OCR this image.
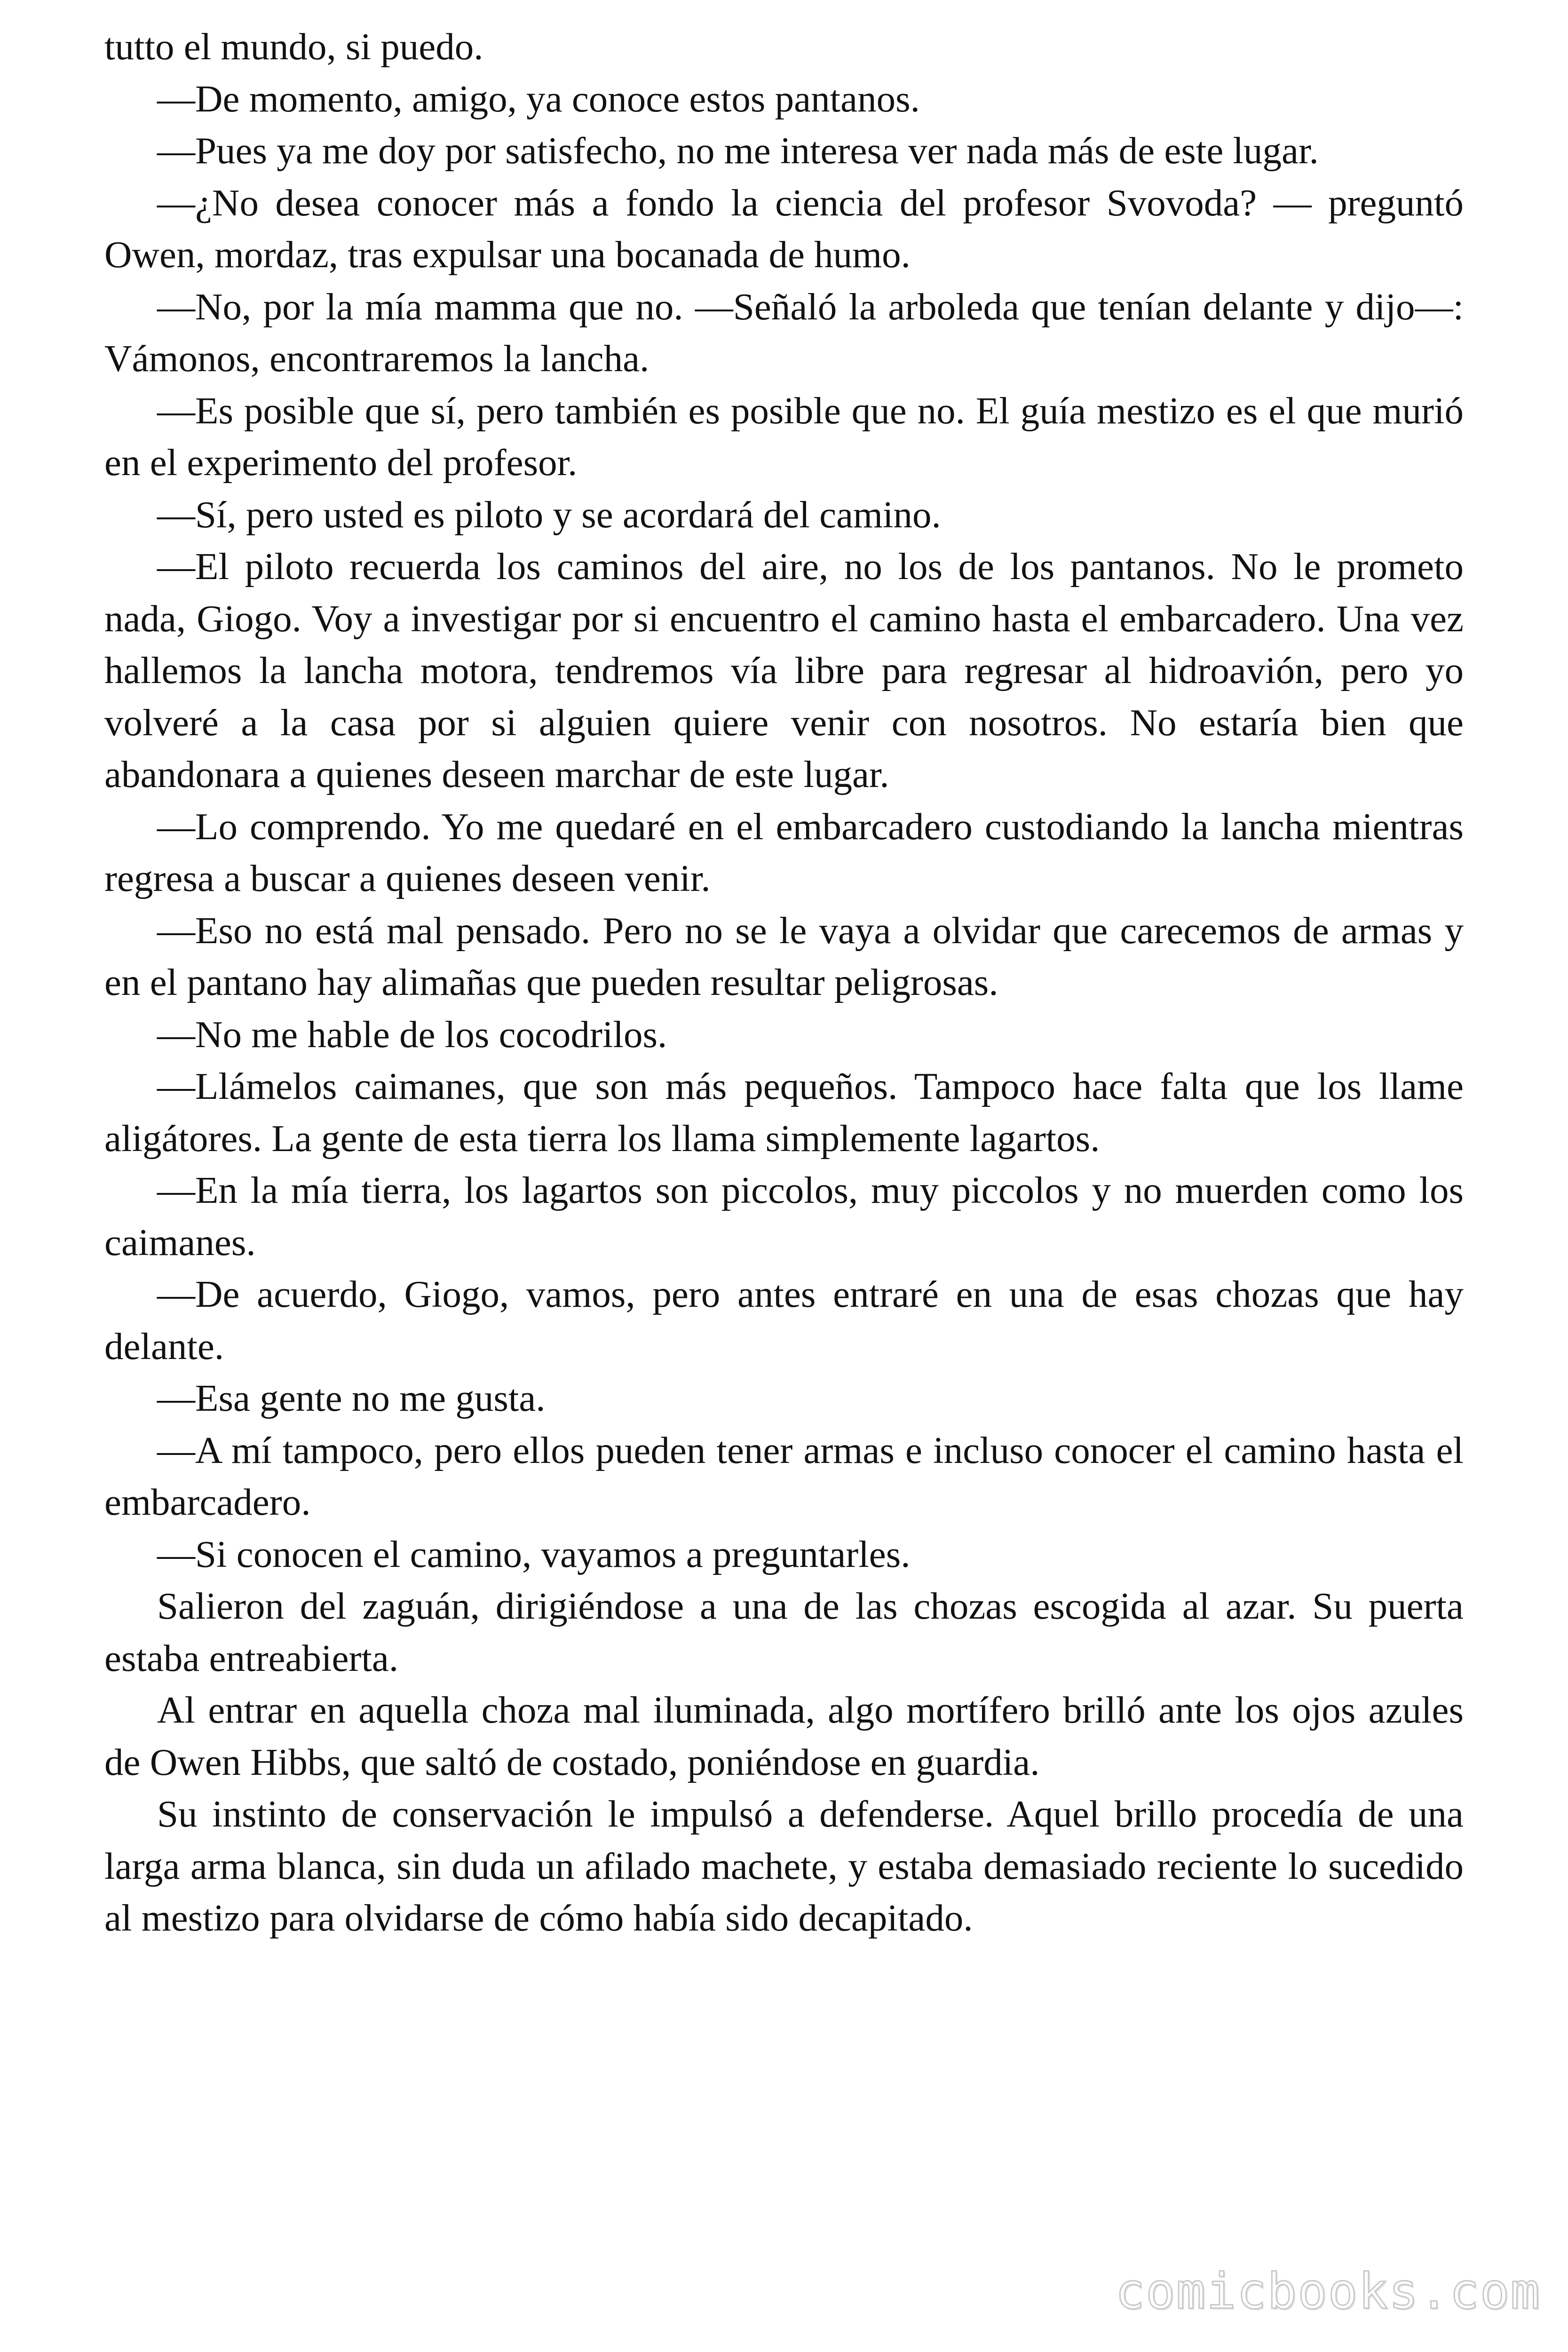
tutto el mundo, si puedo.

—De momento, amigo, ya conoce estos pantanos.

—Pues ya me doy por satisfecho, no me interesa ver nada más de este lugar.

—¿No desea conocer más a fondo la ciencia del profesor Svovoda? — preguntó Owen, mordaz, tras expulsar una bocanada de humo.

—No, por la mía mamma que no. —Señaló la arboleda que tenían delante y dijo—: Vámonos, encontraremos la lancha.

—Es posible que sí, pero también es posible que no. El guía mestizo es el que murió en el experimento del profesor.

—Sí, pero usted es piloto y se acordará del camino.

—El piloto recuerda los caminos del aire, no los de los pantanos. No le prometo nada, Giogo. Voy a investigar por si encuentro el camino hasta el embarcadero. Una vez hallemos la lancha motora, tendremos vía libre para regresar al hidroavión, pero yo volveré a la casa por si alguien quiere venir con nosotros. No estaría bien que abandonara a quienes deseen marchar de este lugar.

—Lo comprendo. Yo me quedaré en el embarcadero custodiando la lancha mientras regresa a buscar a quienes deseen venir.

—Eso no está mal pensado. Pero no se le vaya a olvidar que carecemos de armas y en el pantano hay alimañas que pueden resultar peligrosas.

—No me hable de los cocodrilos.

—Llámelos caimanes, que son más pequeños. Tampoco hace falta que los llame aligátores. La gente de esta tierra los llama simplemente lagartos.

—En la mía tierra, los lagartos son piccolos, muy piccolos y no muerden como los caimanes.

—De acuerdo, Giogo, vamos, pero antes entraré en una de esas chozas que hay delante.

—Esa gente no me gusta.

—A mí tampoco, pero ellos pueden tener armas e incluso conocer el camino hasta el embarcadero.

—Si conocen el camino, vayamos a preguntarles.

Salieron del zaguán, dirigiéndose a una de las chozas escogida al azar. Su puerta estaba entreabierta.

Al entrar en aquella choza mal iluminada, algo mortífero brilló ante los ojos azules de Owen Hibbs, que saltó de costado, poniéndose en guardia.

Su instinto de conservación le impulsó a defenderse. Aquel brillo procedía de una larga arma blanca, sin duda un afilado machete, y estaba demasiado reciente lo sucedido al mestizo para olvidarse de cómo había sido decapitado.

comicbooks.com
